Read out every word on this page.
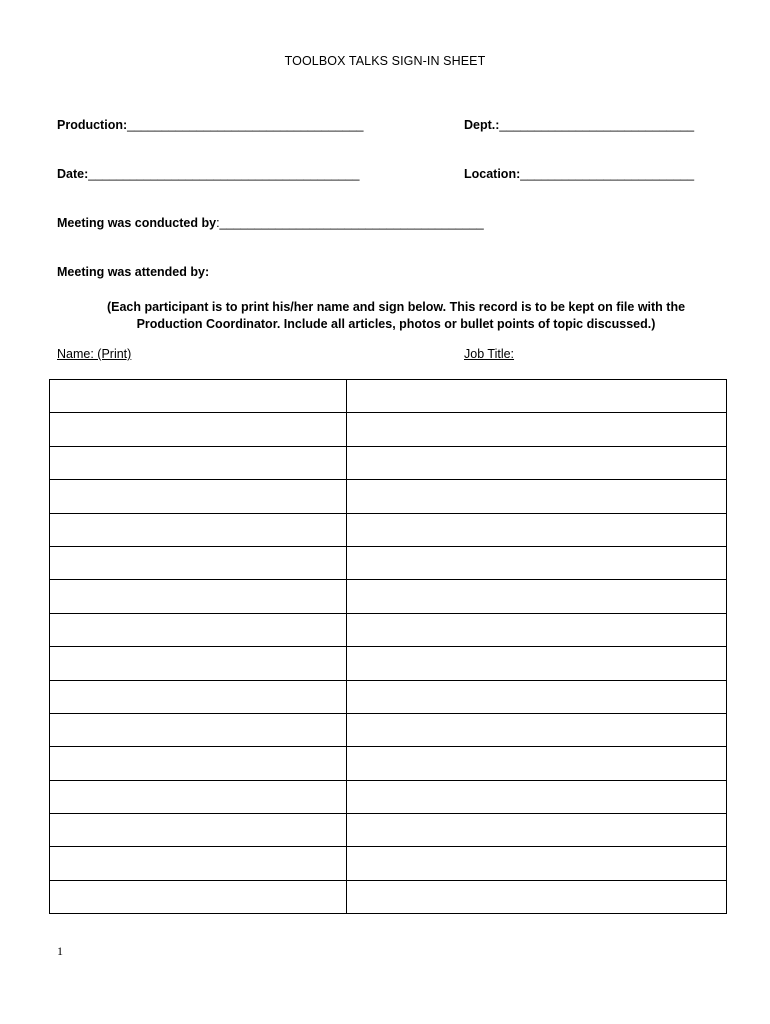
TOOLBOX TALKS SIGN-IN SHEET
Production:__________________________________	Dept.:____________________________
Date:_______________________________________	Location:_________________________
Meeting was conducted by:______________________________________
Meeting was attended by:
(Each participant is to print his/her name and sign below. This record is to be kept on file with the
Production Coordinator. Include all articles, photos or bullet points of topic discussed.)
Name: (Print)	Job Title:

1
